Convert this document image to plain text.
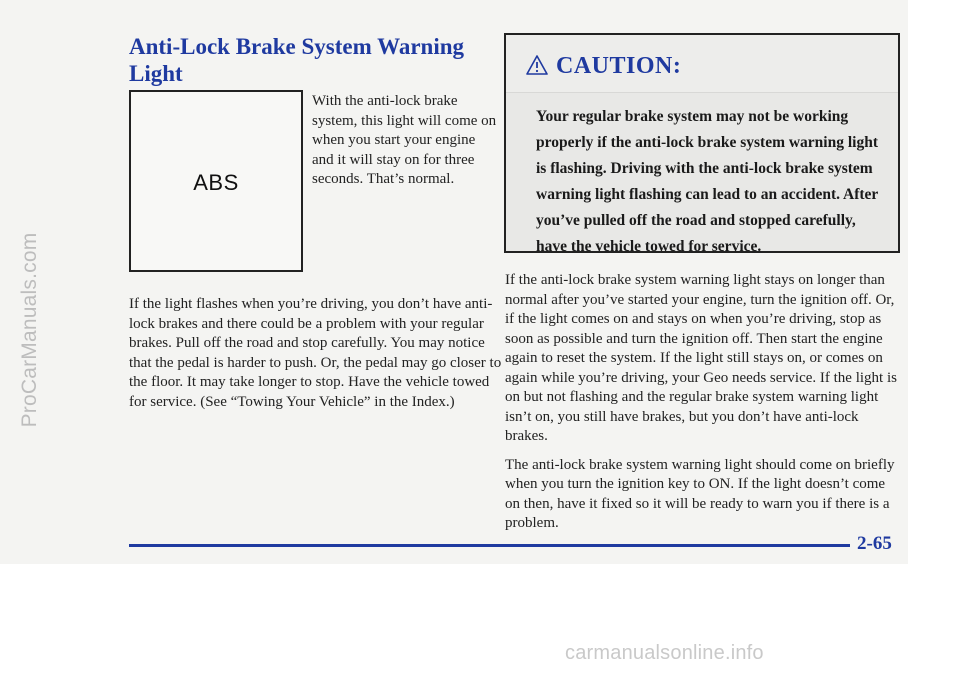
Anti-Lock Brake System Warning Light

ABS
With the anti-lock brake system, this light will come on when you start your engine and it will stay on for three seconds. That’s normal.

If the light flashes when you’re driving, you don’t have anti-lock brakes and there could be a problem with your regular brakes. Pull off the road and stop carefully. You may notice that the pedal is harder to push. Or, the pedal may go closer to the floor. It may take longer to stop. Have the vehicle towed for service. (See “Towing Your Vehicle” in the Index.)

CAUTION:

Your regular brake system may not be working properly if the anti-lock brake system warning light is flashing. Driving with the anti-lock brake system warning light flashing can lead to an accident. After you’ve pulled off the road and stopped carefully, have the vehicle towed for service.

If the anti-lock brake system warning light stays on longer than normal after you’ve started your engine, turn the ignition off. Or, if the light comes on and stays on when you’re driving, stop as soon as possible and turn the ignition off. Then start the engine again to reset the system. If the light still stays on, or comes on again while you’re driving, your Geo needs service. If the light is on but not flashing and the regular brake system warning light isn’t on, you still have brakes, but you don’t have anti-lock brakes.

The anti-lock brake system warning light should come on briefly when you turn the ignition key to ON. If the light doesn’t come on then, have it fixed so it will be ready to warn you if there is a problem.

2-65
ProCarManuals.com
carmanualsonline.info
